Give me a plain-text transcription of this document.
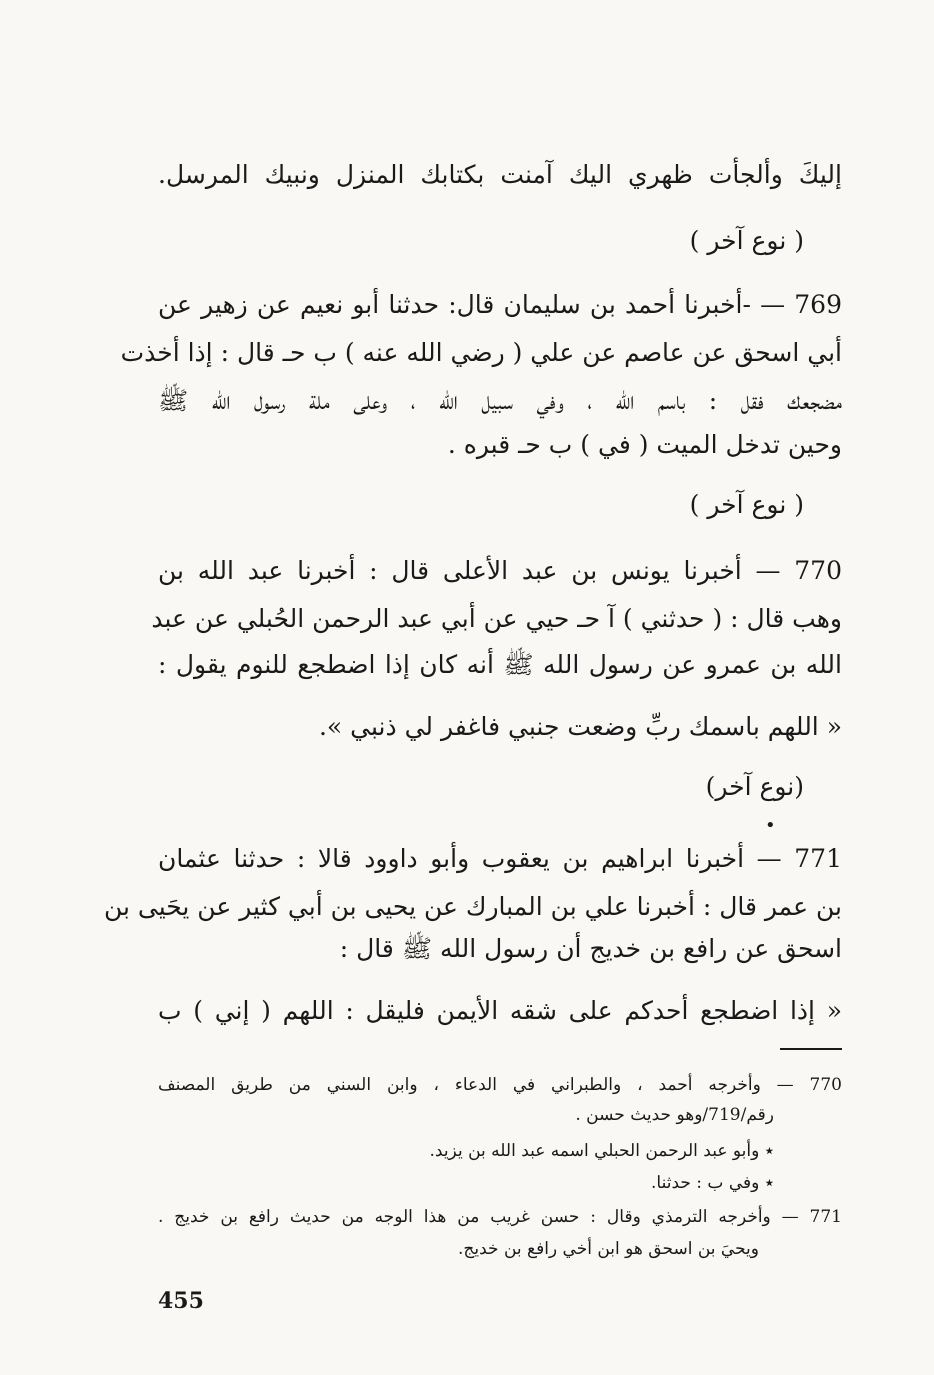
إليكَ وألجأت ظهري اليك آمنت بكتابك المنزل ونبيك المرسل.
( نوع آخر )
769 — -أخبرنا أحمد بن سليمان قال: حدثنا أبو نعيم عن زهير عن
أبي اسحق عن عاصم عن علي ( رضي الله عنه ) ب حـ قال : إذا أخذت
مضجعك فقل : باسم الله ، وفي سبيل الله ، وعلى ملة رسول الله ﷺ
وحين تدخل الميت ( في ) ب حـ قبره .
( نوع آخر )
770 — أخبرنا يونس بن عبد الأعلى قال : أخبرنا عبد الله بن
وهب قال : ( حدثني ) آ حـ حيي عن أبي عبد الرحمن الحُبلي عن عبد
الله بن عمرو عن رسول الله ﷺ أنه كان إذا اضطجع للنوم يقول :
« اللهم باسمك ربِّ وضعت جنبي فاغفر لي ذنبي ».
(نوع آخر)
•
771 — أخبرنا ابراهيم بن يعقوب وأبو داوود قالا : حدثنا عثمان
بن عمر قال : أخبرنا علي بن المبارك عن يحيى بن أبي كثير عن يحَيى بن
اسحق عن رافع بن خديج أن رسول الله ﷺ قال :
« إذا اضطجع أحدكم على شقه الأيمن فليقل : اللهم ( إني ) ب
770 — وأخرجه أحمد ، والطبراني في الدعاء ، وابن السني من طريق المصنف
رقم/719/وهو حديث حسن .
٭ وأبو عبد الرحمن الحبلي اسمه عبد الله بن يزيد.
٭ وفي ب : حدثنا.
771 — وأخرجه الترمذي وقال : حسن غريب من هذا الوجه من حديث رافع بن خديج .
ويحيَ بن اسحق هو ابن أخي رافع بن خديج.
455
